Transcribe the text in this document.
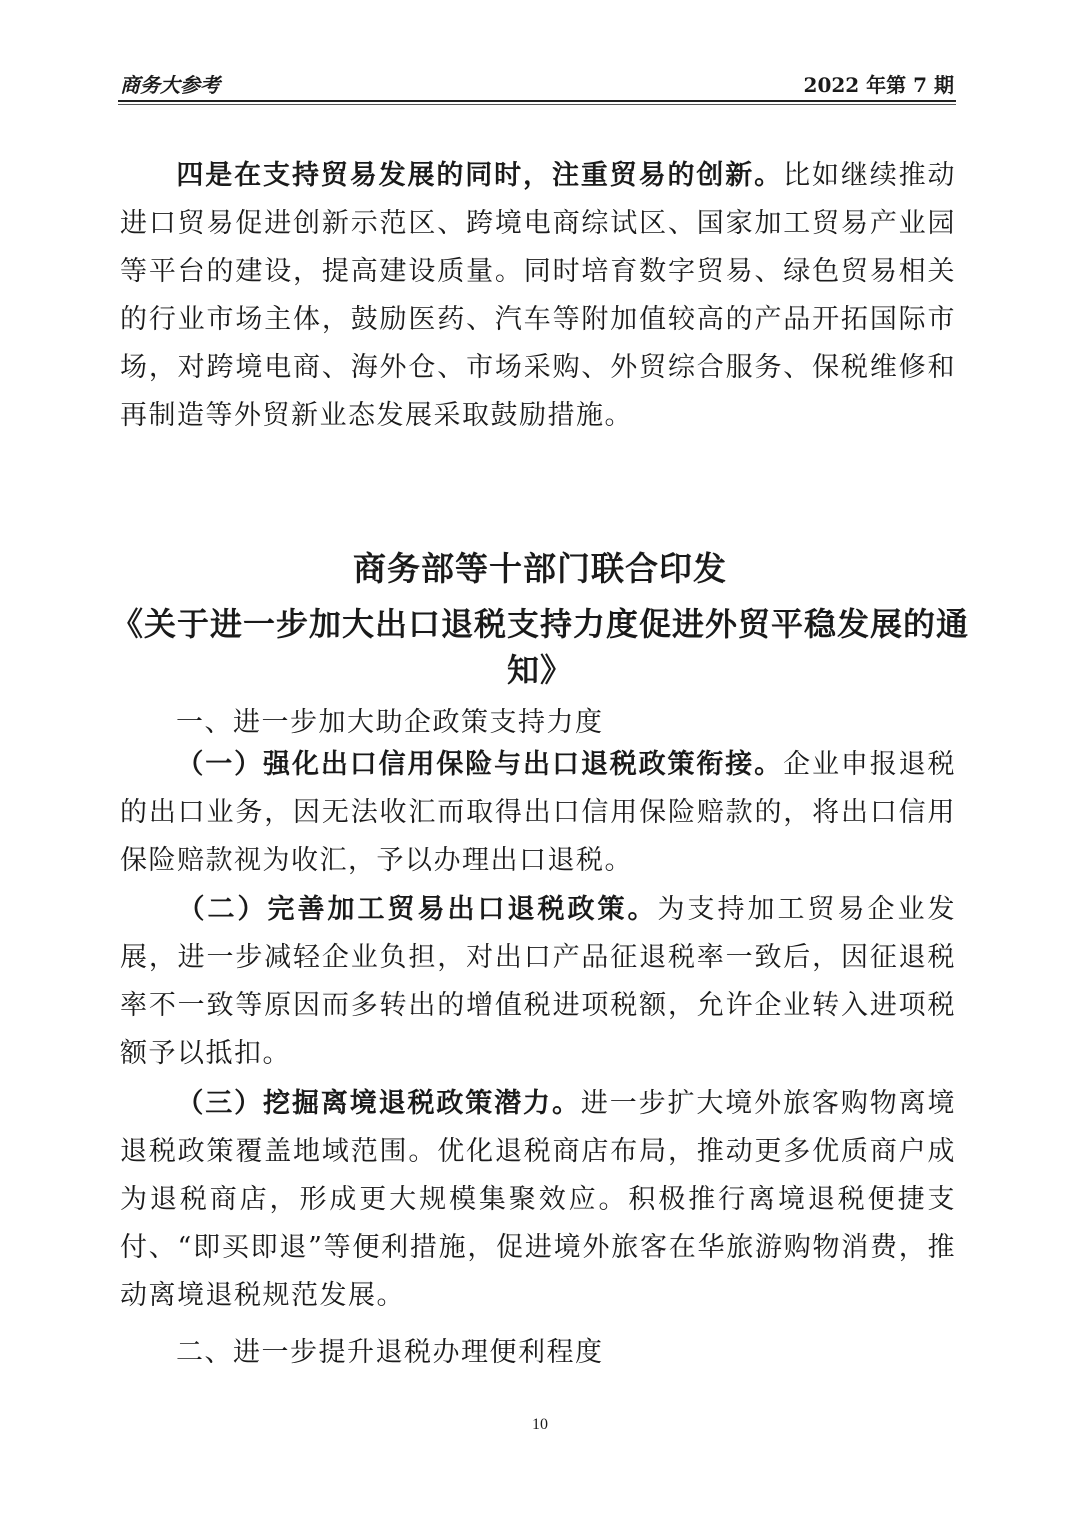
商务大参考	2022 年第 7 期
四是在支持贸易发展的同时，注重贸易的创新。比如继续推动进口贸易促进创新示范区、跨境电商综试区、国家加工贸易产业园等平台的建设，提高建设质量。同时培育数字贸易、绿色贸易相关的行业市场主体，鼓励医药、汽车等附加值较高的产品开拓国际市场，对跨境电商、海外仓、市场采购、外贸综合服务、保税维修和再制造等外贸新业态发展采取鼓励措施。
商务部等十部门联合印发
《关于进一步加大出口退税支持力度促进外贸平稳发展的通知》
一、进一步加大助企政策支持力度
（一）强化出口信用保险与出口退税政策衔接。企业申报退税的出口业务，因无法收汇而取得出口信用保险赔款的，将出口信用保险赔款视为收汇，予以办理出口退税。
（二）完善加工贸易出口退税政策。为支持加工贸易企业发展，进一步减轻企业负担，对出口产品征退税率一致后，因征退税率不一致等原因而多转出的增值税进项税额，允许企业转入进项税额予以抵扣。
（三）挖掘离境退税政策潜力。进一步扩大境外旅客购物离境退税政策覆盖地域范围。优化退税商店布局，推动更多优质商户成为退税商店，形成更大规模集聚效应。积极推行离境退税便捷支付、“即买即退”等便利措施，促进境外旅客在华旅游购物消费，推动离境退税规范发展。
二、进一步提升退税办理便利程度
10
